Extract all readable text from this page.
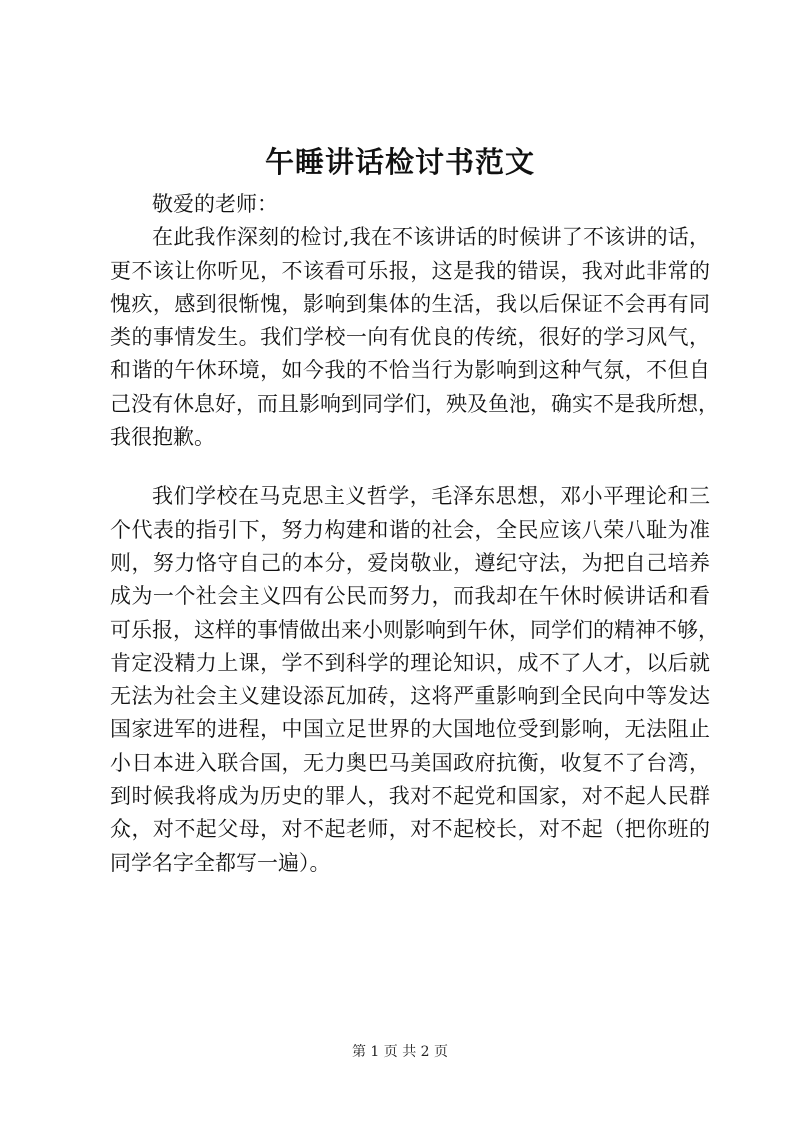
午睡讲话检讨书范文
敬爱的老师：
在此我作深刻的检讨,我在不该讲话的时候讲了不该讲的话，
更不该让你听见，不该看可乐报，这是我的错误，我对此非常的
愧疚，感到很惭愧，影响到集体的生活，我以后保证不会再有同
类的事情发生。我们学校一向有优良的传统，很好的学习风气，
和谐的午休环境，如今我的不恰当行为影响到这种气氛，不但自
己没有休息好，而且影响到同学们，殃及鱼池，确实不是我所想，
我很抱歉。
我们学校在马克思主义哲学，毛泽东思想，邓小平理论和三
个代表的指引下，努力构建和谐的社会，全民应该八荣八耻为准
则，努力恪守自己的本分，爱岗敬业，遵纪守法，为把自己培养
成为一个社会主义四有公民而努力，而我却在午休时候讲话和看
可乐报，这样的事情做出来小则影响到午休，同学们的精神不够，
肯定没精力上课，学不到科学的理论知识，成不了人才，以后就
无法为社会主义建设添瓦加砖，这将严重影响到全民向中等发达
国家进军的进程，中国立足世界的大国地位受到影响，无法阻止
小日本进入联合国，无力奥巴马美国政府抗衡，收复不了台湾，
到时候我将成为历史的罪人，我对不起党和国家，对不起人民群
众，对不起父母，对不起老师，对不起校长，对不起（把你班的
同学名字全都写一遍）。
第 1 页 共 2 页
